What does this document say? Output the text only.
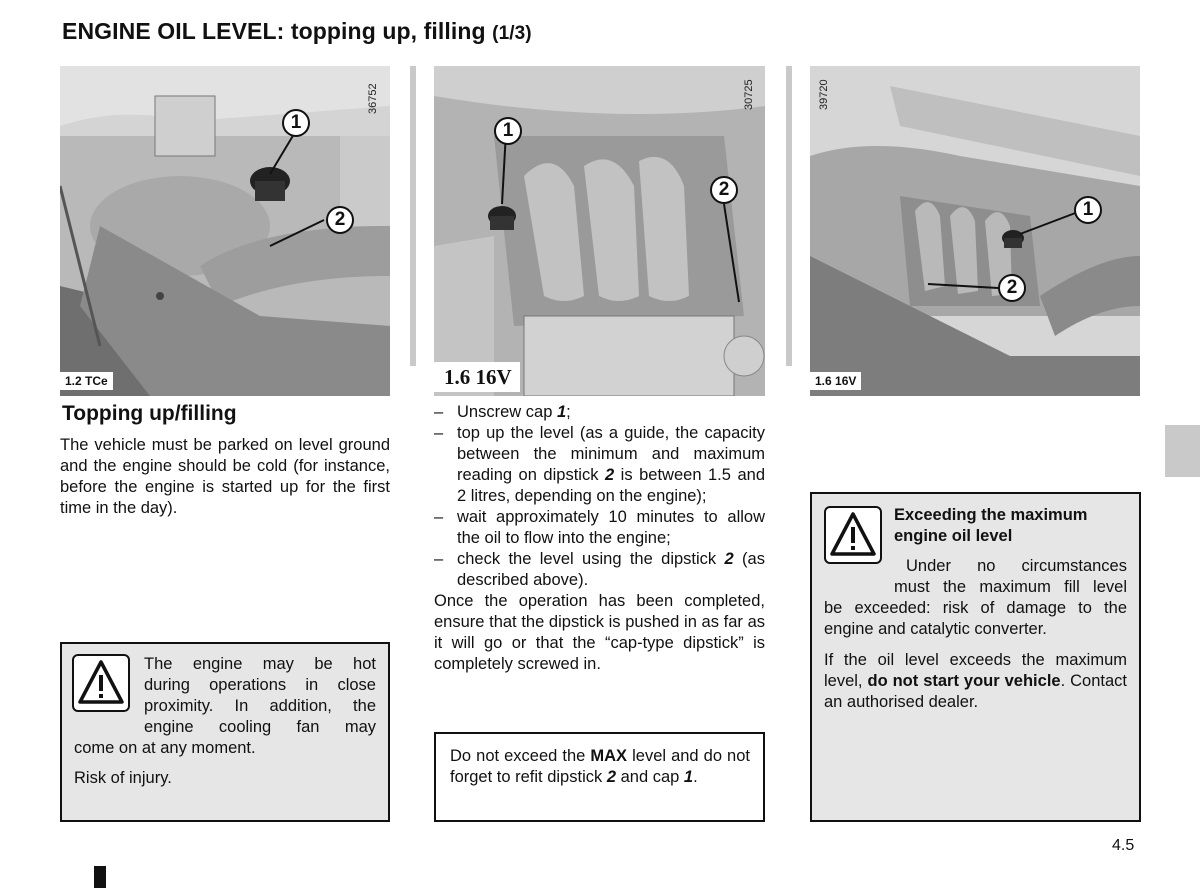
ENGINE OIL LEVEL: topping up, filling (1/3)
36752
1
2
1.2 TCe
30725
1
2
1.6 16V
39720
1
2
1.6 16V
Topping up/filling
The vehicle must be parked on level ground and the engine should be cold (for instance, before the engine is started up for the first time in the day).
The engine may be hot
during operations in close
proximity. In addition, the
engine cooling fan may
come on at any moment.
Risk of injury.
– Unscrew cap 1;
– top up the level (as a guide, the capacity between the minimum and maximum reading on dipstick 2 is between 1.5 and 2 litres, depending on the engine);
– wait approximately 10 minutes to allow the oil to flow into the engine;
– check the level using the dipstick 2 (as described above).
Once the operation has been completed, ensure that the dipstick is pushed in as far as it will go or that the “cap-type dipstick” is completely screwed in.
Do not exceed the MAX level and do not forget to refit dipstick 2 and cap 1.
Exceeding the maximum engine oil level
Under no circumstances
must the maximum fill level
be exceeded: risk of damage to the engine and catalytic converter.
If the oil level exceeds the maximum level, do not start your vehicle. Contact an authorised dealer.
4.5
